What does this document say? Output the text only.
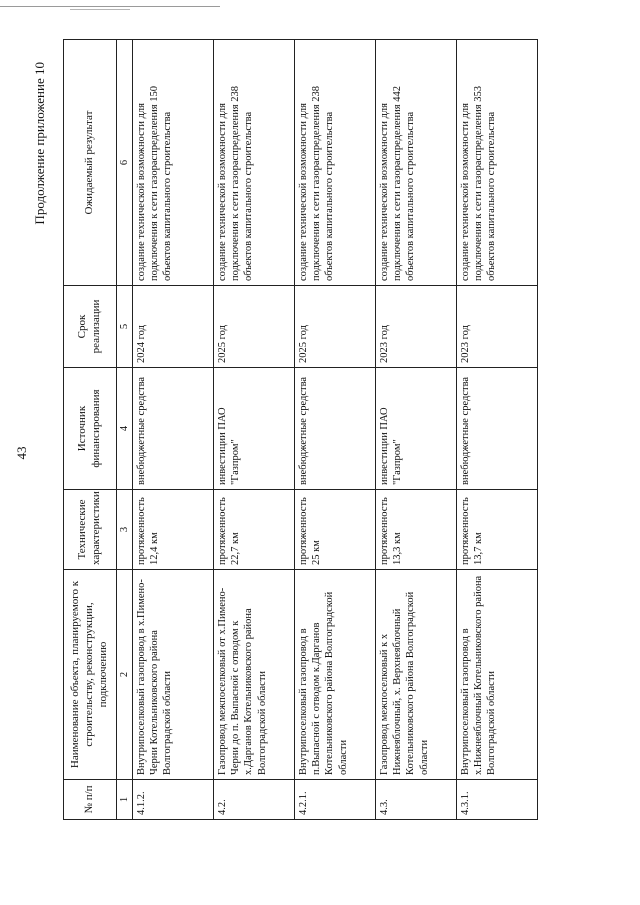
43
Продолжение приложение 10
№ п/п	Наименование объекта, планируемого к строительству, реконструкции, подключению	Технические характеристики	Источник финансирования	Срок реализации	Ожидаемый результат
1	2	3	4	5	6
4.1.2.	Внутрипоселковый газопровод в х.Пимено- Черни Котельниковского района Волгоградской области	протяженность 12,4 км	внебюджетные средства	2024 год	создание технической возможности для подключения к сети газораспределения 150 объектов капитального строительства
4.2.	Газопровод межпоселковый от х.Пимено-Черни до п. Выпасной с отводом к х.Дарганов Котельниковского района Волгоградской области	протяженность 22,7 км	инвестиции ПАО "Газпром"	2025 год	создание технической возможности для подключения к сети газораспределения 238 объектов капитального строительства
4.2.1.	Внутрипоселковый газопровод в п.Выпасной с отводом к.Дарганов Котельниковского района Волгоградской области	протяженность 25 км	внебюджетные средства	2025 год	создание технической возможности для подключения к сети газораспределения 238 объектов капитального строительства
4.3.	Газопровод межпоселковый к х Нижнеяблочный, х. Верхнеяблочный Котельниковского района Волгоградской области	протяженность 13,3 км	инвестиции ПАО "Газпром"	2023 год	создание технической возможности для подключения к сети газораспределения 442 объектов капитального строительства
4.3.1.	Внутрипоселковый газопровод в х.Нижнеяблочный Котельниковского района Волгоградской области	протяженность 13,7 км	внебюджетные средства	2023 год	создание технической возможности для подключения к сети газораспределения 353 объектов капитального строительства
